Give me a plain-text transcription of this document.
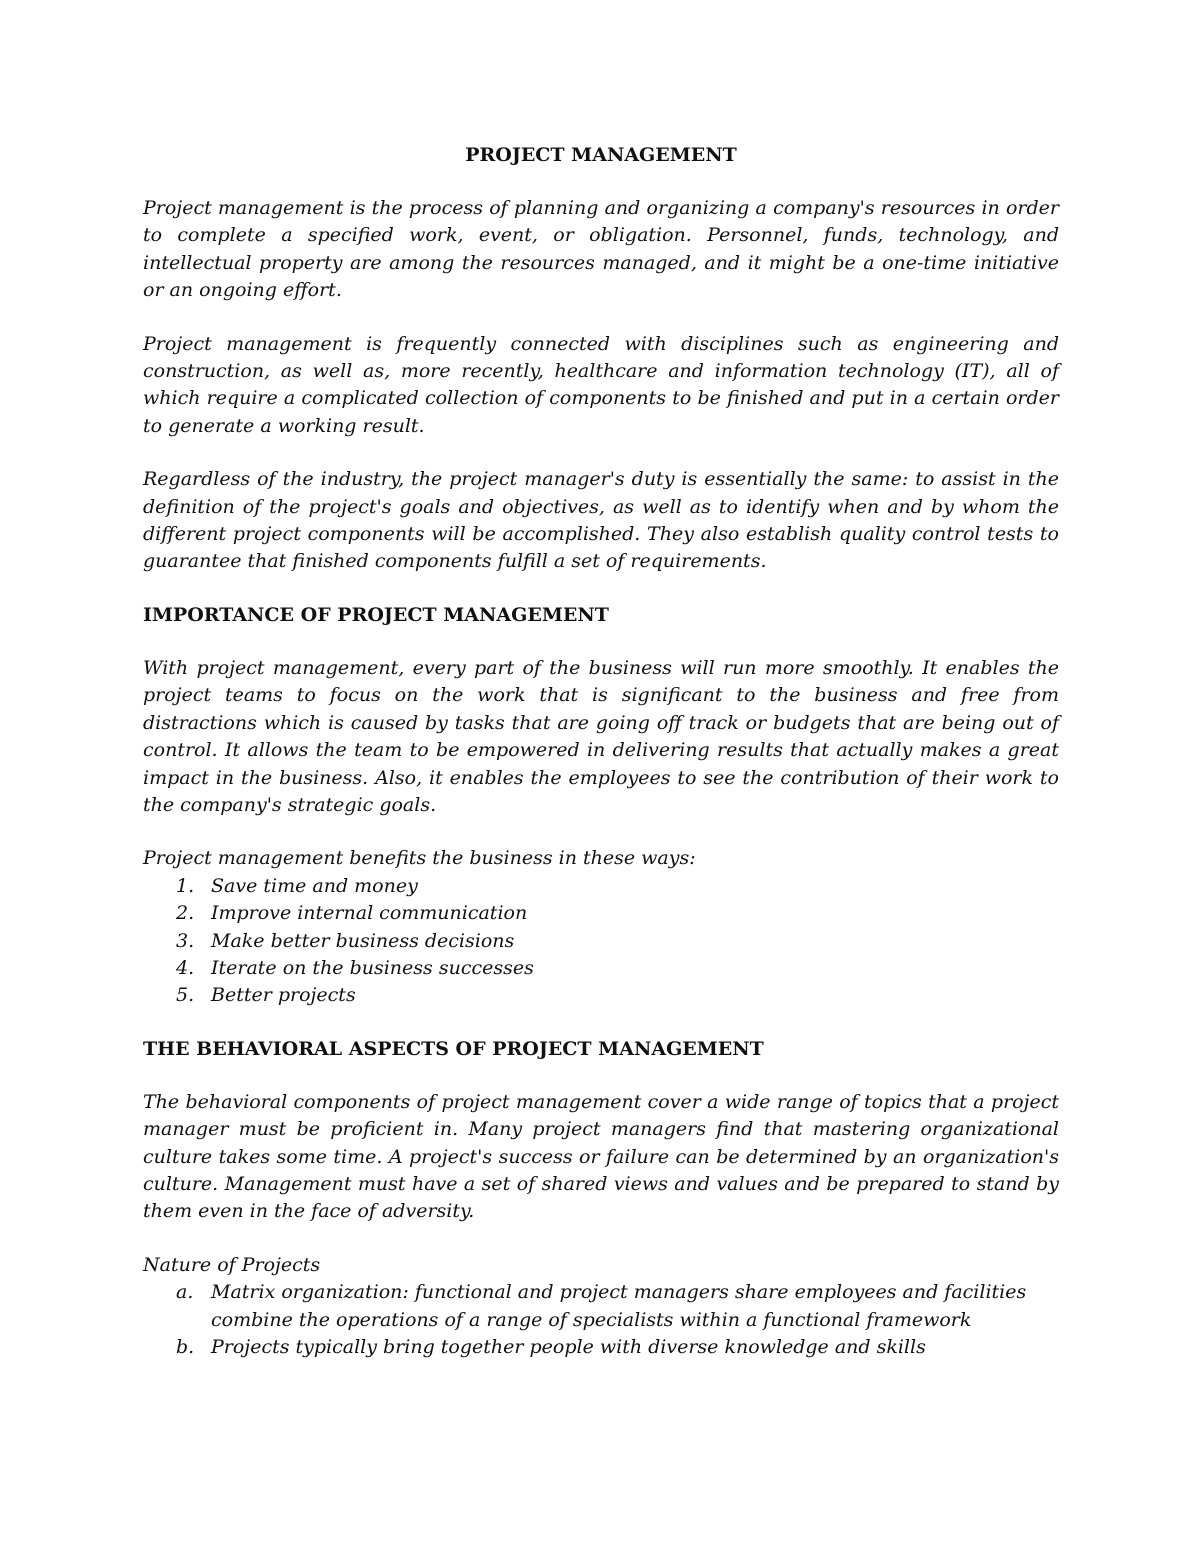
PROJECT MANAGEMENT

Project management is the process of planning and organizing a company's resources in order to complete a specified work, event, or obligation. Personnel, funds, technology, and intellectual property are among the resources managed, and it might be a one-time initiative or an ongoing effort.

Project management is frequently connected with disciplines such as engineering and construction, as well as, more recently, healthcare and information technology (IT), all of which require a complicated collection of components to be finished and put in a certain order to generate a working result.

Regardless of the industry, the project manager's duty is essentially the same: to assist in the definition of the project's goals and objectives, as well as to identify when and by whom the different project components will be accomplished. They also establish quality control tests to guarantee that finished components fulfill a set of requirements.

IMPORTANCE OF PROJECT MANAGEMENT

With project management, every part of the business will run more smoothly. It enables the project teams to focus on the work that is significant to the business and free from distractions which is caused by tasks that are going off track or budgets that are being out of control. It allows the team to be empowered in delivering results that actually makes a great impact in the business. Also, it enables the employees to see the contribution of their work to the company's strategic goals.

Project management benefits the business in these ways:

1. Save time and money
2. Improve internal communication
3. Make better business decisions
4. Iterate on the business successes
5. Better projects
THE BEHAVIORAL ASPECTS OF PROJECT MANAGEMENT

The behavioral components of project management cover a wide range of topics that a project manager must be proficient in. Many project managers find that mastering organizational culture takes some time. A project's success or failure can be determined by an organization's culture. Management must have a set of shared views and values and be prepared to stand by them even in the face of adversity.

Nature of Projects

a. Matrix organization: functional and project managers share employees and facilities combine the operations of a range of specialists within a functional framework
b. Projects typically bring together people with diverse knowledge and skills
